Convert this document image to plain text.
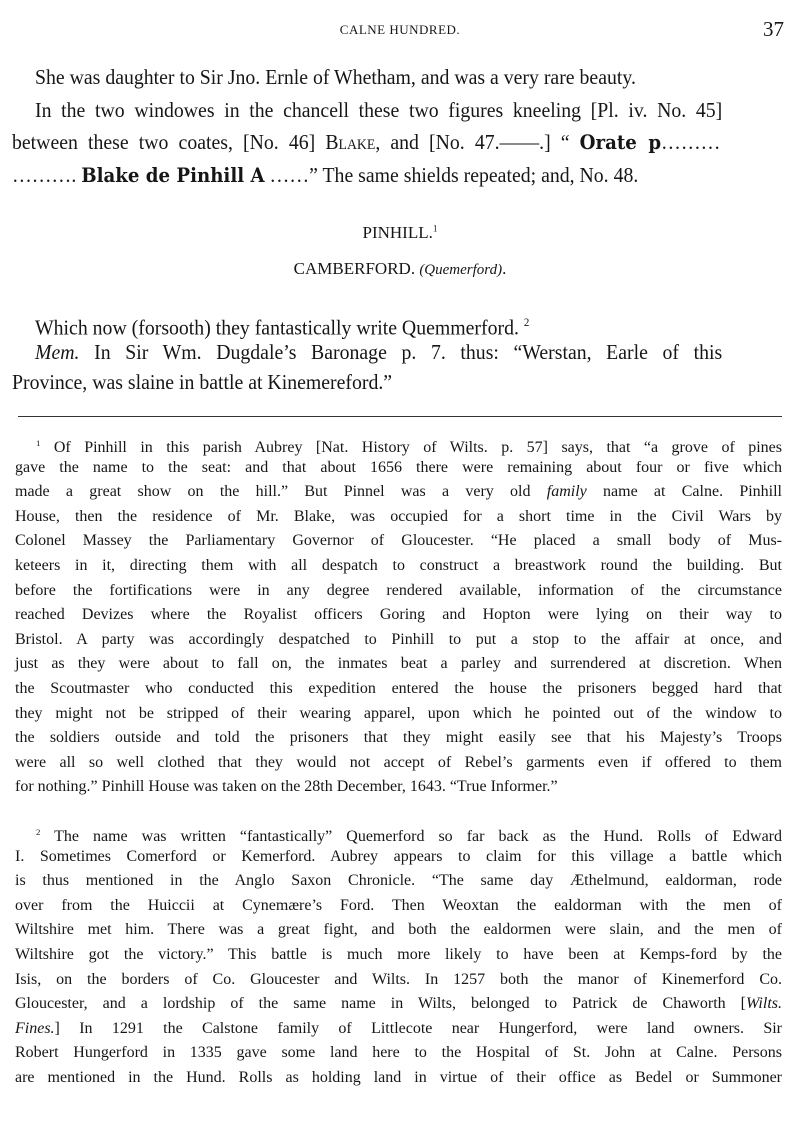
CALNE HUNDRED.	37
She was daughter to Sir Jno. Ernle of Whetham, and was a very rare beauty.
In the two windowes in the chancell these two figures kneeling [Pl. iv. No. 45]
between these two coates, [No. 46] Blake, and [No. 47.——.] “ Orate p………
………. Blake de Pinhill A ……” The same shields repeated; and, No. 48.
PINHILL.$^1$
CAMBERFORD. (Quemerford).
Which now (forsooth) they fantastically write Quemmerford. $^2$
Mem. In Sir Wm. Dugdale’s Baronage p. 7. thus: “Werstan, Earle of this
Province, was slaine in battle at Kinemereford.”
$^1$ Of Pinhill in this parish Aubrey [Nat. History of Wilts. p. 57] says, that “a grove of pines
gave the name to the seat: and that about 1656 there were remaining about four or five which
made a great show on the hill.” But Pinnel was a very old family name at Calne. Pinhill
House, then the residence of Mr. Blake, was occupied for a short time in the Civil Wars by
Colonel Massey the Parliamentary Governor of Gloucester. “He placed a small body of Mus-
keteers in it, directing them with all despatch to construct a breastwork round the building. But
before the fortifications were in any degree rendered available, information of the circumstance
reached Devizes where the Royalist officers Goring and Hopton were lying on their way to
Bristol. A party was accordingly despatched to Pinhill to put a stop to the affair at once, and
just as they were about to fall on, the inmates beat a parley and surrendered at discretion. When
the Scoutmaster who conducted this expedition entered the house the prisoners begged hard that
they might not be stripped of their wearing apparel, upon which he pointed out of the window to
the soldiers outside and told the prisoners that they might easily see that his Majesty’s Troops
were all so well clothed that they would not accept of Rebel’s garments even if offered to them
for nothing.” Pinhill House was taken on the 28th December, 1643. “True Informer.”
$^2$ The name was written “fantastically” Quemerford so far back as the Hund. Rolls of Edward
I. Sometimes Comerford or Kemerford. Aubrey appears to claim for this village a battle which
is thus mentioned in the Anglo Saxon Chronicle. “The same day Æthelmund, ealdorman, rode
over from the Huiccii at Cynemære’s Ford. Then Weoxtan the ealdorman with the men of
Wiltshire met him. There was a great fight, and both the ealdormen were slain, and the men of
Wiltshire got the victory.” This battle is much more likely to have been at Kemps-ford by the
Isis, on the borders of Co. Gloucester and Wilts. In 1257 both the manor of Kinemerford Co.
Gloucester, and a lordship of the same name in Wilts, belonged to Patrick de Chaworth [Wilts.
Fines.] In 1291 the Calstone family of Littlecote near Hungerford, were land owners. Sir
Robert Hungerford in 1335 gave some land here to the Hospital of St. John at Calne. Persons
are mentioned in the Hund. Rolls as holding land in virtue of their office as Bedel or Summoner
